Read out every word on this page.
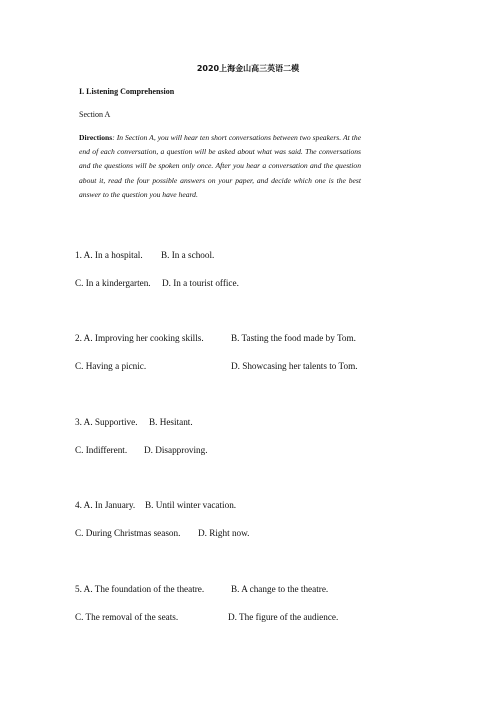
2020上海金山高三英语二模
I. Listening Comprehension
Section A
Directions: In Section A, you will hear ten short conversations between two speakers. At the end of each conversation, a question will be asked about what was said. The conversations and the questions will be spoken only once. After you hear a conversation and the question about it, read the four possible answers on your paper, and decide which one is the best answer to the question you have heard.
1. A. In a hospital. B. In a school.
C. In a kindergarten. D. In a tourist office.
2. A. Improving her cooking skills.	B. Tasting the food made by Tom.
C. Having a picnic.	D. Showcasing her talents to Tom.
3. A. Supportive. B. Hesitant.
C. Indifferent. D. Disapproving.
4. A. In January. B. Until winter vacation.
C. During Christmas season. D. Right now.
5. A. The foundation of the theatre.	B. A change to the theatre.
C. The removal of the seats.	D. The figure of the audience.
